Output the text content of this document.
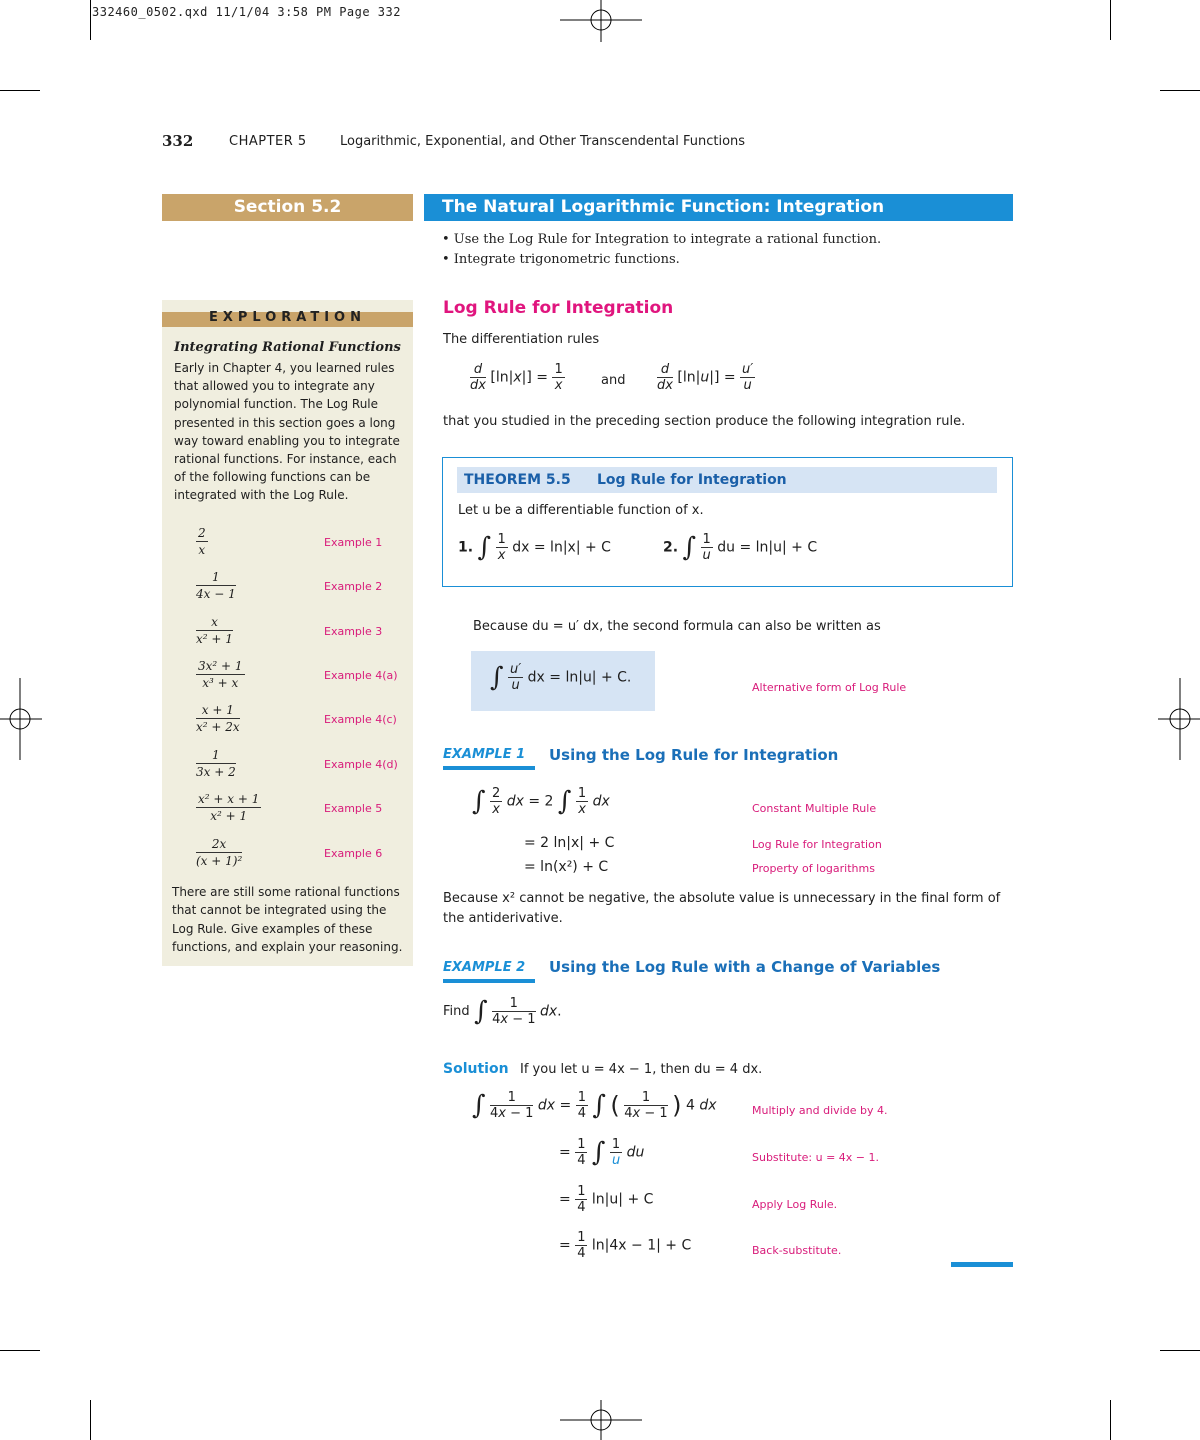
332460_0502.qxd 11/1/04 3:58 PM Page 332
332	CHAPTER 5	Logarithmic, Exponential, and Other Transcendental Functions
Section 5.2	The Natural Logarithmic Function: Integration
• Use the Log Rule for Integration to integrate a rational function.
• Integrate trigonometric functions.
EXPLORATION
Integrating Rational Functions
Early in Chapter 4, you learned rules that allowed you to integrate any polynomial function. The Log Rule presented in this section goes a long way toward enabling you to integrate rational functions. For instance, each of the following functions can be integrated with the Log Rule.
$\frac{2}{x}$	Example 1
$\frac{1}{4x - 1}$	Example 2
$\frac{x}{\text{x² + 1}}$	Example 3
$\frac{\text{3x² + 1}}{\text{x³ + x}}$	Example 4(a)
$\frac{x + 1}{\text{x² + 2x}}$	Example 4(c)
$\frac{1}{3x + 2}$	Example 4(d)
$\frac{\text{x² + x + 1}}{\text{x² + 1}}$	Example 5
$\frac{2x}{\text{(x + 1)²}}$	Example 6
There are still some rational functions that cannot be integrated using the Log Rule. Give examples of these functions, and explain your reasoning.
Log Rule for Integration
The differentiation rules
$\frac{d}{dx} [\ln|x|] = \frac{1}{x}$	and $\frac{d}{dx} [\ln|u|] = \frac{u'}{u}$
that you studied in the preceding section produce the following integration rule.
THEOREM 5.5 Log Rule for Integration
Let u be a differentiable function of x.
1. ∫ $\frac{1}{x}$ dx = ln|x| + C	2. ∫ $\frac{1}{u}$ du = ln|u| + C
Because du = u′ dx, the second formula can also be written as
∫ $\frac{u'}{u}$ dx = ln|u| + C.
Alternative form of Log Rule
EXAMPLE 1 Using the Log Rule for Integration
∫ $\frac{2}{x}$ dx = 2 ∫ $\frac{1}{x}$ dx
= 2 ln|x| + C
= ln(x²) + C
Constant Multiple Rule
Log Rule for Integration
Property of logarithms
Because x² cannot be negative, the absolute value is unnecessary in the final form of the antiderivative.
EXAMPLE 2 Using the Log Rule with a Change of Variables
Find ∫ $\frac{1}{4x - 1}$ dx.
Solution If you let u = 4x − 1, then du = 4 dx.
∫ $\frac{1}{4x - 1}$ dx = $\frac{1}{4}$ ∫ ( $\frac{1}{4x - 1}$ ) 4 dx
= $\frac{1}{4}$ ∫ $\frac{1}{u}$ du
= $\frac{1}{4} \ln|u| + C$
= $\frac{1}{4} \ln|4x - 1| + C$
Multiply and divide by 4.
Substitute: u = 4x − 1.
Apply Log Rule.
Back-substitute.
